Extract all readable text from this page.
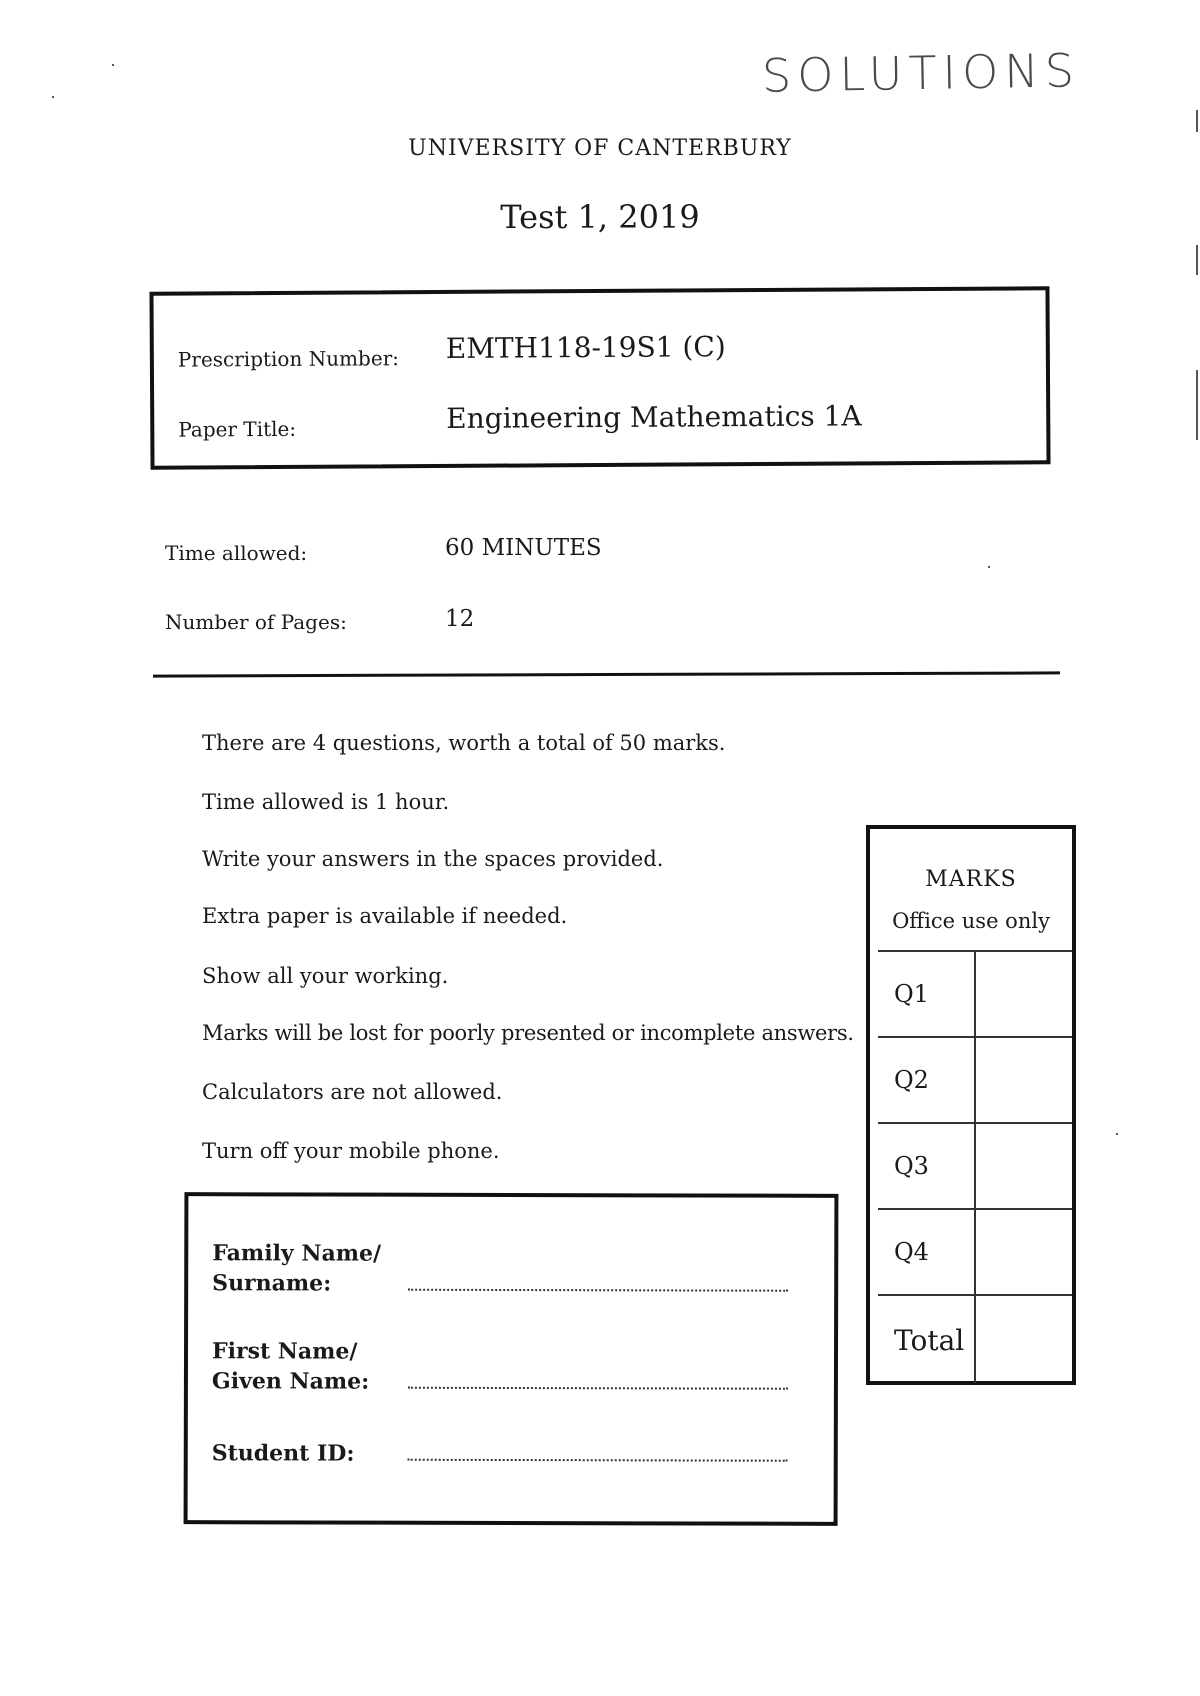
SOLUTIONS
UNIVERSITY OF CANTERBURY
Test 1, 2019
Prescription Number: EMTH118-19S1 (C)
Paper Title:	Engineering Mathematics 1A
Time allowed:	60 MINUTES
Number of Pages:	12
There are 4 questions, worth a total of 50 marks.
Time allowed is 1 hour.
Write your answers in the spaces provided.
Extra paper is available if needed.
Show all your working.
Marks will be lost for poorly presented or incomplete answers.
Calculators are not allowed.
Turn off your mobile phone.
MARKS
Office use only
Q1
Q2
Q3
Q4
Total
Family Name/
Surname:
First Name/
Given Name:
Student ID:
